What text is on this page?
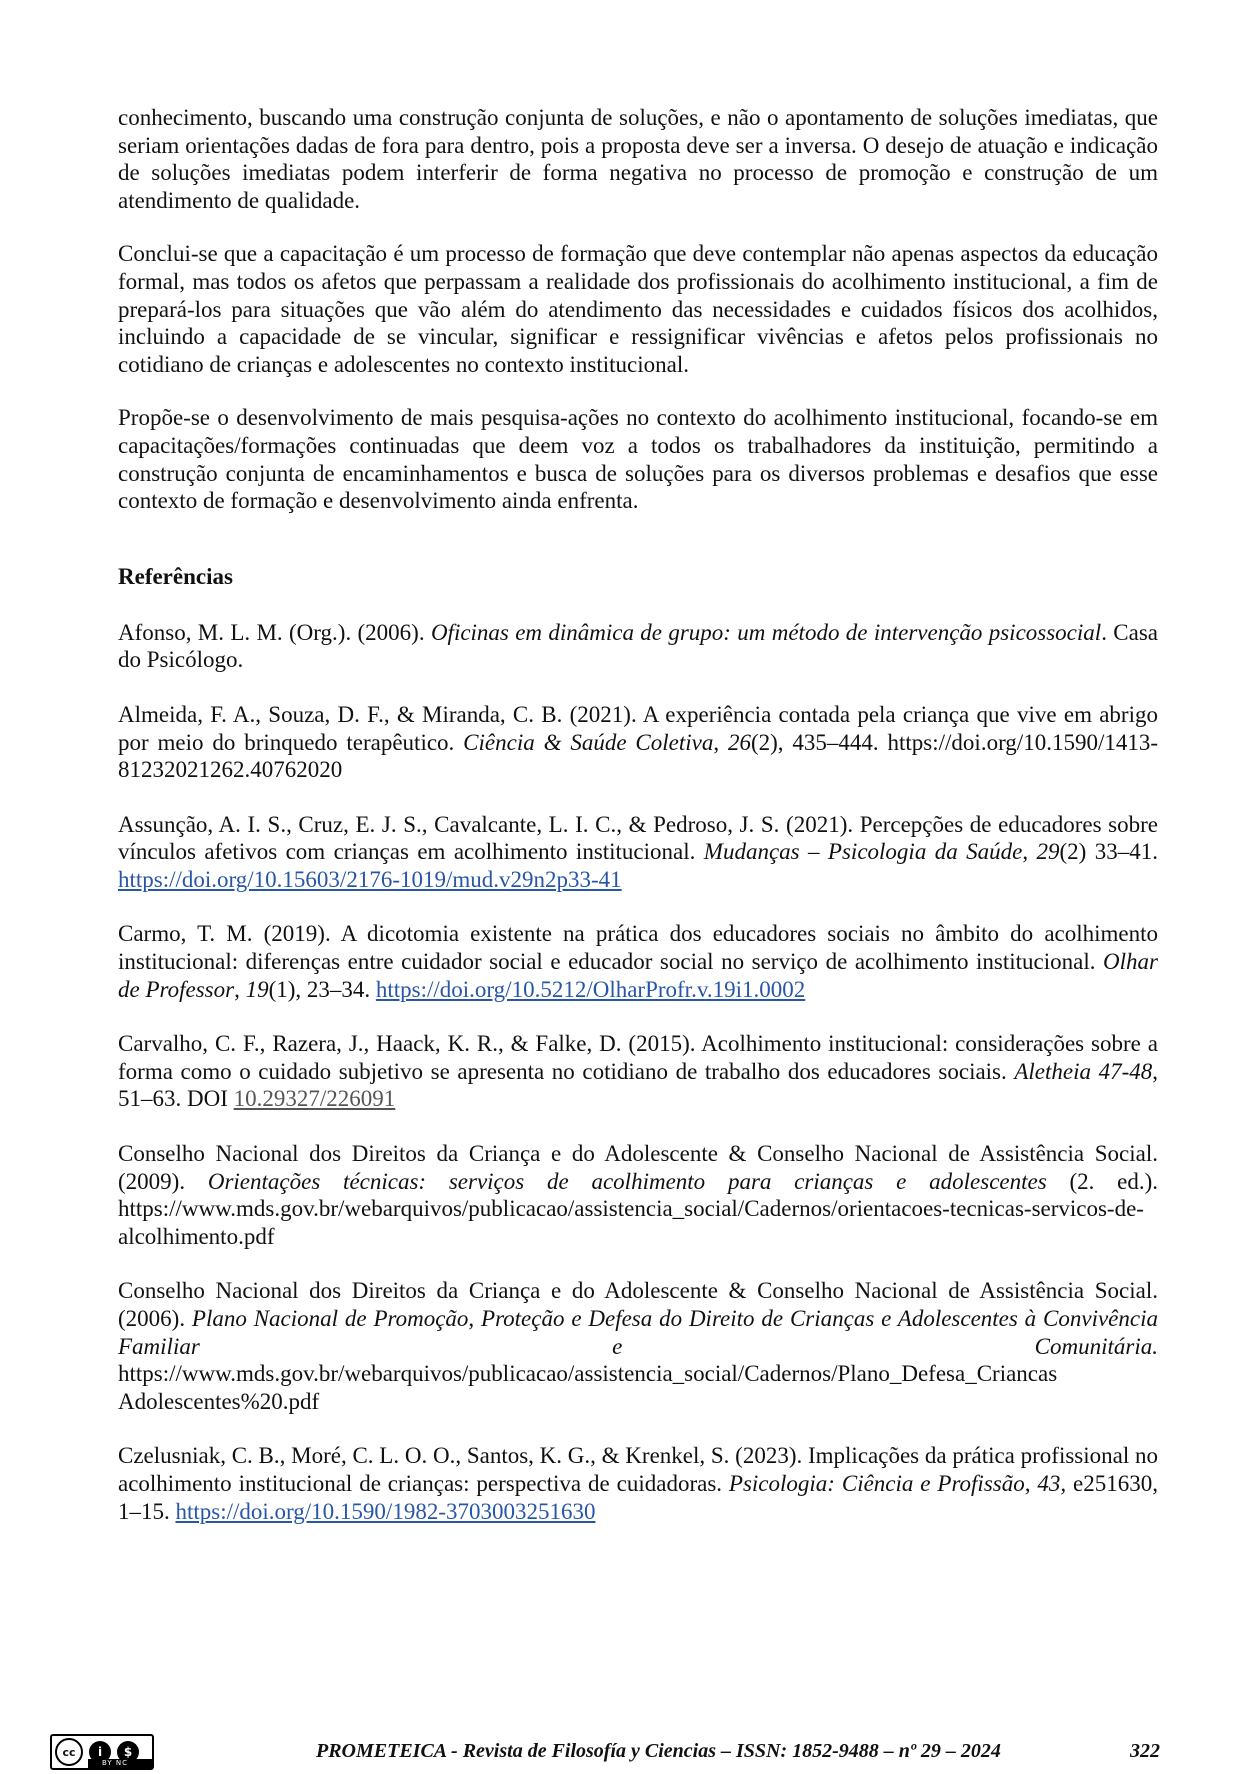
conhecimento, buscando uma construção conjunta de soluções, e não o apontamento de soluções imediatas, que seriam orientações dadas de fora para dentro, pois a proposta deve ser a inversa. O desejo de atuação e indicação de soluções imediatas podem interferir de forma negativa no processo de promoção e construção de um atendimento de qualidade.

Conclui-se que a capacitação é um processo de formação que deve contemplar não apenas aspectos da educação formal, mas todos os afetos que perpassam a realidade dos profissionais do acolhimento institucional, a fim de prepará-los para situações que vão além do atendimento das necessidades e cuidados físicos dos acolhidos, incluindo a capacidade de se vincular, significar e ressignificar vivências e afetos pelos profissionais no cotidiano de crianças e adolescentes no contexto institucional.

Propõe-se o desenvolvimento de mais pesquisa-ações no contexto do acolhimento institucional, focando-se em capacitações/formações continuadas que deem voz a todos os trabalhadores da instituição, permitindo a construção conjunta de encaminhamentos e busca de soluções para os diversos problemas e desafios que esse contexto de formação e desenvolvimento ainda enfrenta.

Referências

Afonso, M. L. M. (Org.). (2006). Oficinas em dinâmica de grupo: um método de intervenção psicossocial. Casa do Psicólogo.

Almeida, F. A., Souza, D. F., & Miranda, C. B. (2021). A experiência contada pela criança que vive em abrigo por meio do brinquedo terapêutico. Ciência & Saúde Coletiva, 26(2), 435–444. https://doi.org/10.1590/1413-81232021262.40762020

Assunção, A. I. S., Cruz, E. J. S., Cavalcante, L. I. C., & Pedroso, J. S. (2021). Percepções de educadores sobre vínculos afetivos com crianças em acolhimento institucional. Mudanças – Psicologia da Saúde, 29(2) 33–41. https://doi.org/10.15603/2176-1019/mud.v29n2p33-41

Carmo, T. M. (2019). A dicotomia existente na prática dos educadores sociais no âmbito do acolhimento institucional: diferenças entre cuidador social e educador social no serviço de acolhimento institucional. Olhar de Professor, 19(1), 23–34. https://doi.org/10.5212/OlharProfr.v.19i1.0002

Carvalho, C. F., Razera, J., Haack, K. R., & Falke, D. (2015). Acolhimento institucional: considerações sobre a forma como o cuidado subjetivo se apresenta no cotidiano de trabalho dos educadores sociais. Aletheia 47-48, 51–63. DOI 10.29327/226091

Conselho Nacional dos Direitos da Criança e do Adolescente & Conselho Nacional de Assistência Social. (2009). Orientações técnicas: serviços de acolhimento para crianças e adolescentes (2. ed.). https://www.mds.gov.br/webarquivos/publicacao/assistencia_social/Cadernos/orientacoes-tecnicas-servicos-de-alcolhimento.pdf

Conselho Nacional dos Direitos da Criança e do Adolescente & Conselho Nacional de Assistência Social. (2006). Plano Nacional de Promoção, Proteção e Defesa do Direito de Crianças e Adolescentes à Convivência Familiar e Comunitária. https://www.mds.gov.br/webarquivos/publicacao/assistencia_social/Cadernos/Plano_Defesa_Criancas Adolescentes%20.pdf

Czelusniak, C. B., Moré, C. L. O. O., Santos, K. G., & Krenkel, S. (2023). Implicações da prática profissional no acolhimento institucional de crianças: perspectiva de cuidadoras. Psicologia: Ciência e Profissão, 43, e251630, 1–15. https://doi.org/10.1590/1982-3703003251630

cc	i	$
BY NC
PROMETEICA - Revista de Filosofía y Ciencias – ISSN: 1852-9488 – nº 29 – 2024	322
